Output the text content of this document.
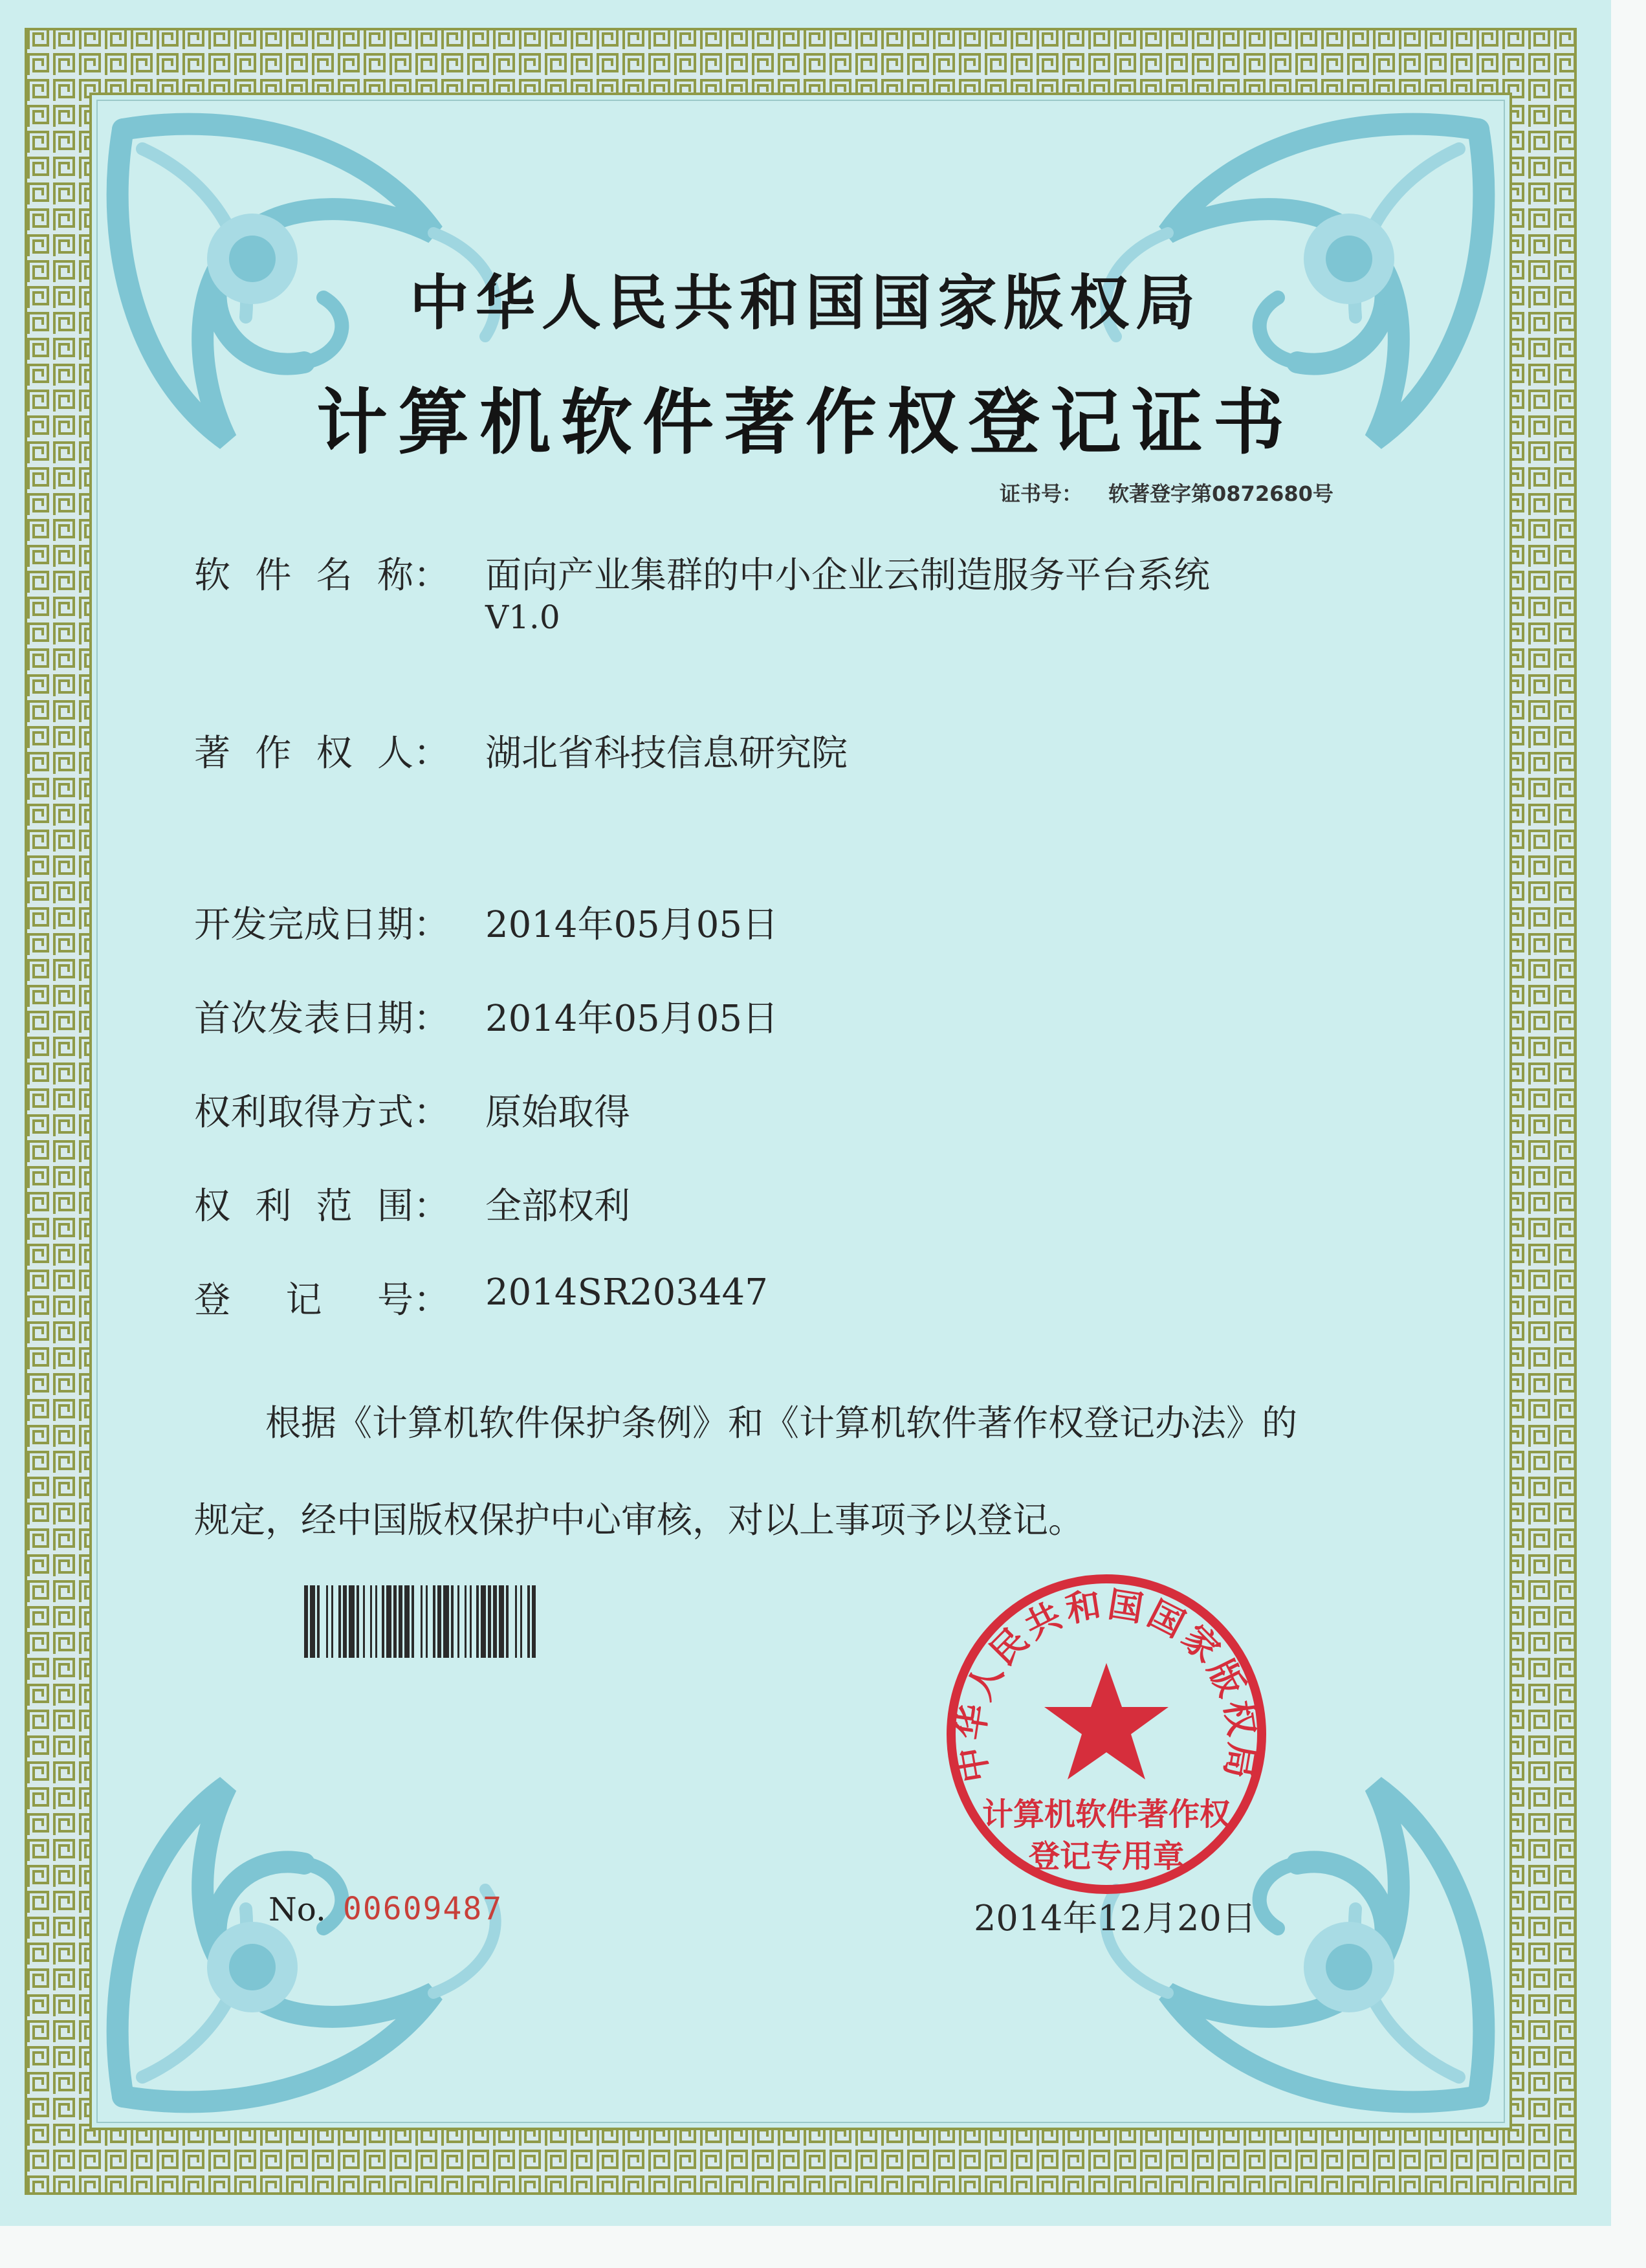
中华人民共和国国家版权局
计算机软件著作权登记证书
证书号： 软著登字第0872680号
软 件 名 称 ： 面向产业集群的中小企业云制造服务平台系统
V1.0
著 作 权 人 ： 湖北省科技信息研究院
开 发 完 成 日 期 ： 2014年05月05日
首 次 发 表 日 期 ： 2014年05月05日
权 利 取 得 方 式 ： 原始取得
权 利 范 围 ： 全部权利
登 记 号 ： 2014SR203447
根据《计算机软件保护条例》和《计算机软件著作权登记办法》的
规定，经中国版权保护中心审核，对以上事项予以登记。
中华人民共和国国家版权局
计算机软件著作权
登记专用章
No. 00609487	2014年12月20日
